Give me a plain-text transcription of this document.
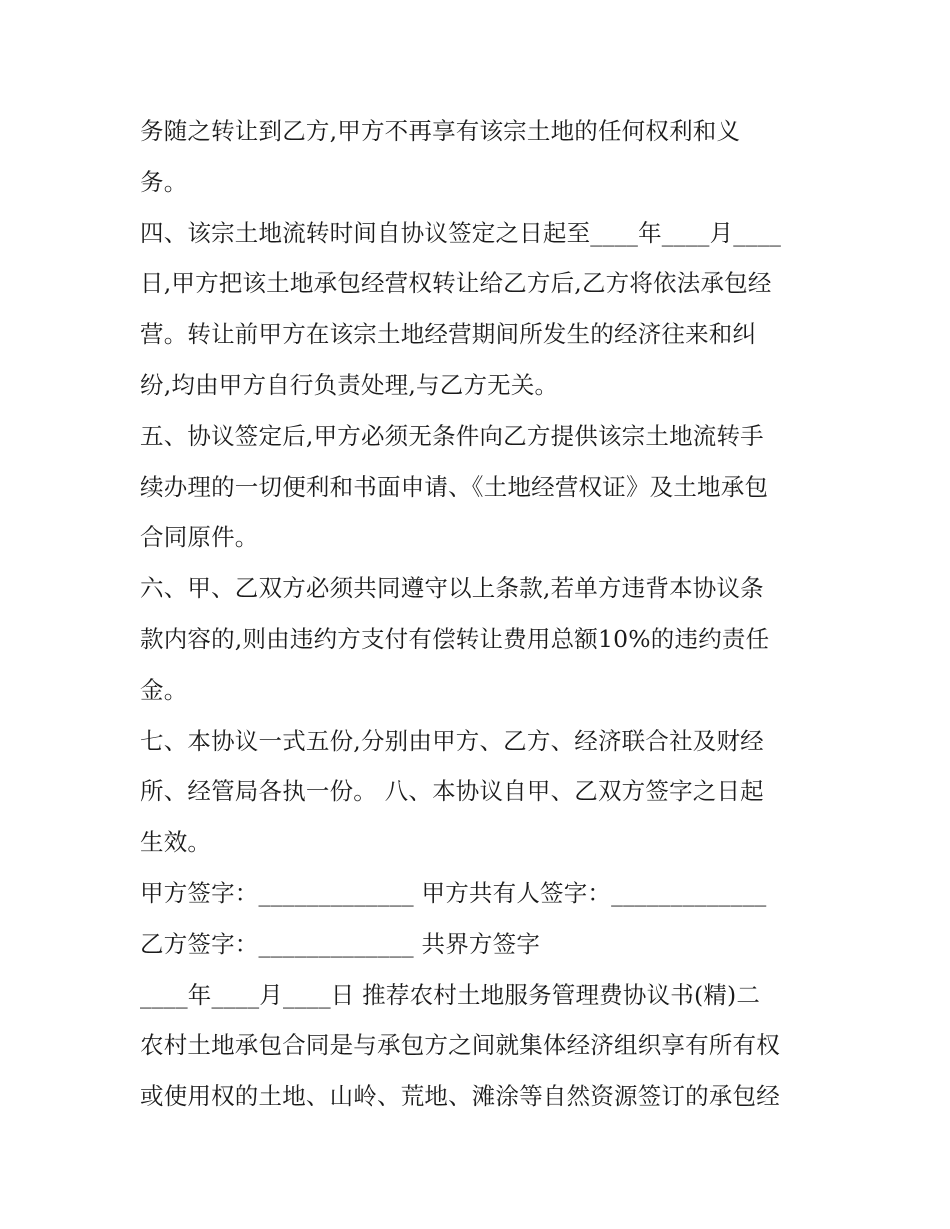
务随之转让到乙方,甲方不再享有该宗土地的任何权利和义
务。
四、该宗土地流转时间自协议签定之日起至____年____月____
日,甲方把该土地承包经营权转让给乙方后,乙方将依法承包经
营。转让前甲方在该宗土地经营期间所发生的经济往来和纠
纷,均由甲方自行负责处理,与乙方无关。
五、协议签定后,甲方必须无条件向乙方提供该宗土地流转手
续办理的一切便利和书面申请、《土地经营权证》及土地承包
合同原件。
六、甲、乙双方必须共同遵守以上条款,若单方违背本协议条
款内容的,则由违约方支付有偿转让费用总额10%的违约责任
金。
七、本协议一式五份,分别由甲方、乙方、经济联合社及财经
所、经管局各执一份。 八、本协议自甲、乙双方签字之日起
生效。
甲方签字：_____________ 甲方共有人签字：_____________
乙方签字：_____________ 共界方签字
____年____月____日 推荐农村土地服务管理费协议书(精)二
农村土地承包合同是与承包方之间就集体经济组织享有所有权
或使用权的土地、山岭、荒地、滩涂等自然资源签订的承包经
